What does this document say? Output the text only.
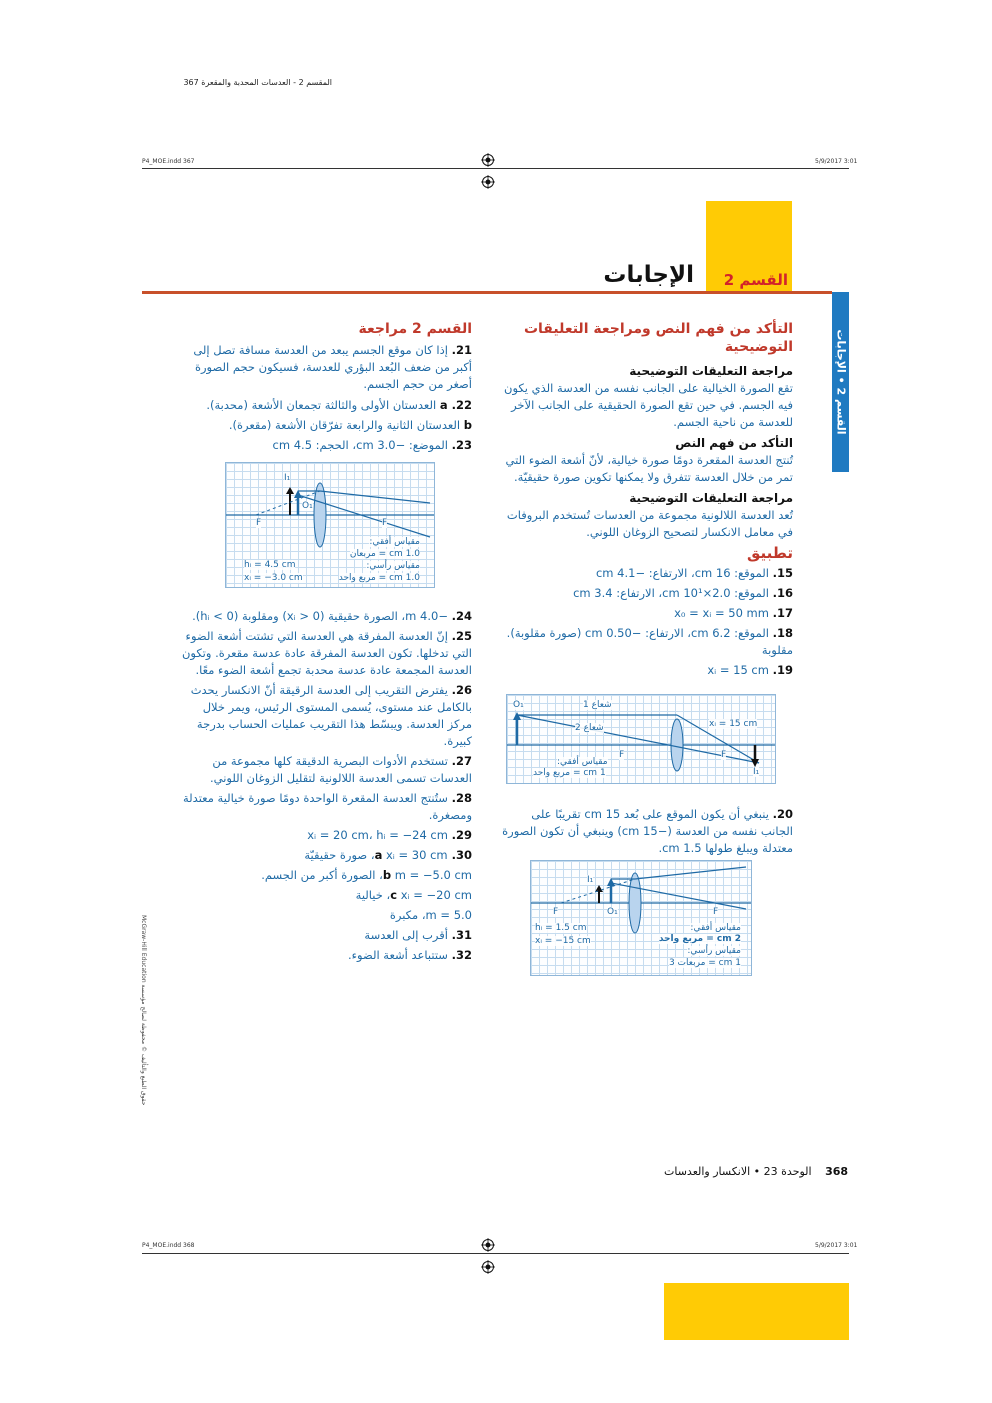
المقسم 2 - العدسات المحدبة والمقعرة 367
P4_MOE.indd 367	5/9/2017 3:01
القسم 2
الإجابات
القسم 2 • الإجابات

التأكد من فهم النص ومراجعة التعليقات التوضيحية

مراجعة التعليقات التوضيحية

تقع الصورة الخيالية على الجانب نفسه من العدسة الذي يكون فيه الجسم. في حين تقع الصورة الحقيقية على الجانب الآخر للعدسة من ناحية الجسم.

التأكد من فهم النص

تُنتج العدسة المقعرة دومًا صورة خيالية، لأنّ أشعة الضوء التي تمر من خلال العدسة تتفرق ولا يمكنها تكوين صورة حقيقيّة.

مراجعة التعليقات التوضيحية

تُعد العدسة اللالونية مجموعة من العدسات تُستخدم البروفات في معامل الانكسار لتصحيح الزوغان اللوني.

تطبيق

15. الموقع: 16 cm، الارتفاع: −4.1 cm

16. الموقع: 2.0×10¹ cm، الارتفاع: 3.4 cm

17. x₀ = xᵢ = 50 mm

18. الموقع: 6.2 cm، الارتفاع: −0.50 cm (صورة مقلوبة). مقلوبة

19. xᵢ = 15 cm

O₁	شعاع 1
شعاع 2	xᵢ = 15 cm
F	F
I₁
مقياس أفقي:
1 cm = مربع واحد

20. ينبغي أن يكون الموقع على بُعد 15 cm تقريبًا على الجانب نفسه من العدسة (−15 cm) وينبغي أن تكون الصورة معتدلة ويبلغ طولها 1.5 cm.

I₁
O₁
F	F
hᵢ = 1.5 cm
xᵢ = −15 cm
مقياس أفقي:
2 cm = مربع واحد
مقياس رأسي:
1 cm = مربعات 3

القسم 2 مراجعة

21. إذا كان موقع الجسم يبعد من العدسة مسافة تصل إلى أكبر من ضعف البُعد البؤري للعدسة، فسيكون حجم الصورة أصغر من حجم الجسم.

22. a العدستان الأولى والثالثة تجمعان الأشعة (محدبة).

b العدستان الثانية والرابعة تفرّقان الأشعة (مقعرة).

23. الموضع: −3.0 cm، الحجم: 4.5 cm

I₁
O₁
F	F
hᵢ = 4.5 cm
xᵢ = −3.0 cm
مقياس أفقي:
1.0 cm = مربعان
مقياس رأسي:
1.0 cm = مربع واحد

24. −4.0 m، الصورة حقيقية (xᵢ > 0) ومقلوبة (hᵢ < 0).

25. إنّ العدسة المفرقة هي العدسة التي تشتت أشعة الضوء التي تدخلها. تكون العدسة المفرقة عادة عدسة مقعرة. وتكون العدسة المجمعة عادة عدسة محدبة تجمع أشعة الضوء معًا.

26. يفترض التقريب إلى العدسة الرقيقة أنّ الانكسار يحدث بالكامل عند مستوى، يُسمى المستوى الرئيس، ويمر خلال مركز العدسة. ويبسّط هذا التقريب عمليات الحساب بدرجة كبيرة.

27. تستخدم الأدوات البصرية الدقيقة كلها مجموعة من العدسات تسمى العدسة اللالونية لتقليل الزوغان اللوني.

28. ستُنتج العدسة المقعرة الواحدة دومًا صورة خيالية معتدلة ومصغرة.

29. xᵢ = 20 cm، hᵢ = −24 cm

30. a xᵢ = 30 cm، صورة حقيقيّة

b m = −5.0 cm، الصورة أكبر من الجسم.

c xᵢ = −20 cm، خيالية

m = 5.0، مكبرة

31. أقرب إلى العدسة

32. ستتباعد أشعة الضوء.

McGraw-Hill Education حقوق الطبع والتأليف © محفوظة لصالح مؤسسة
368 الوحدة 23 • الانكسار والعدسات
P4_MOE.indd 368	5/9/2017 3:01
